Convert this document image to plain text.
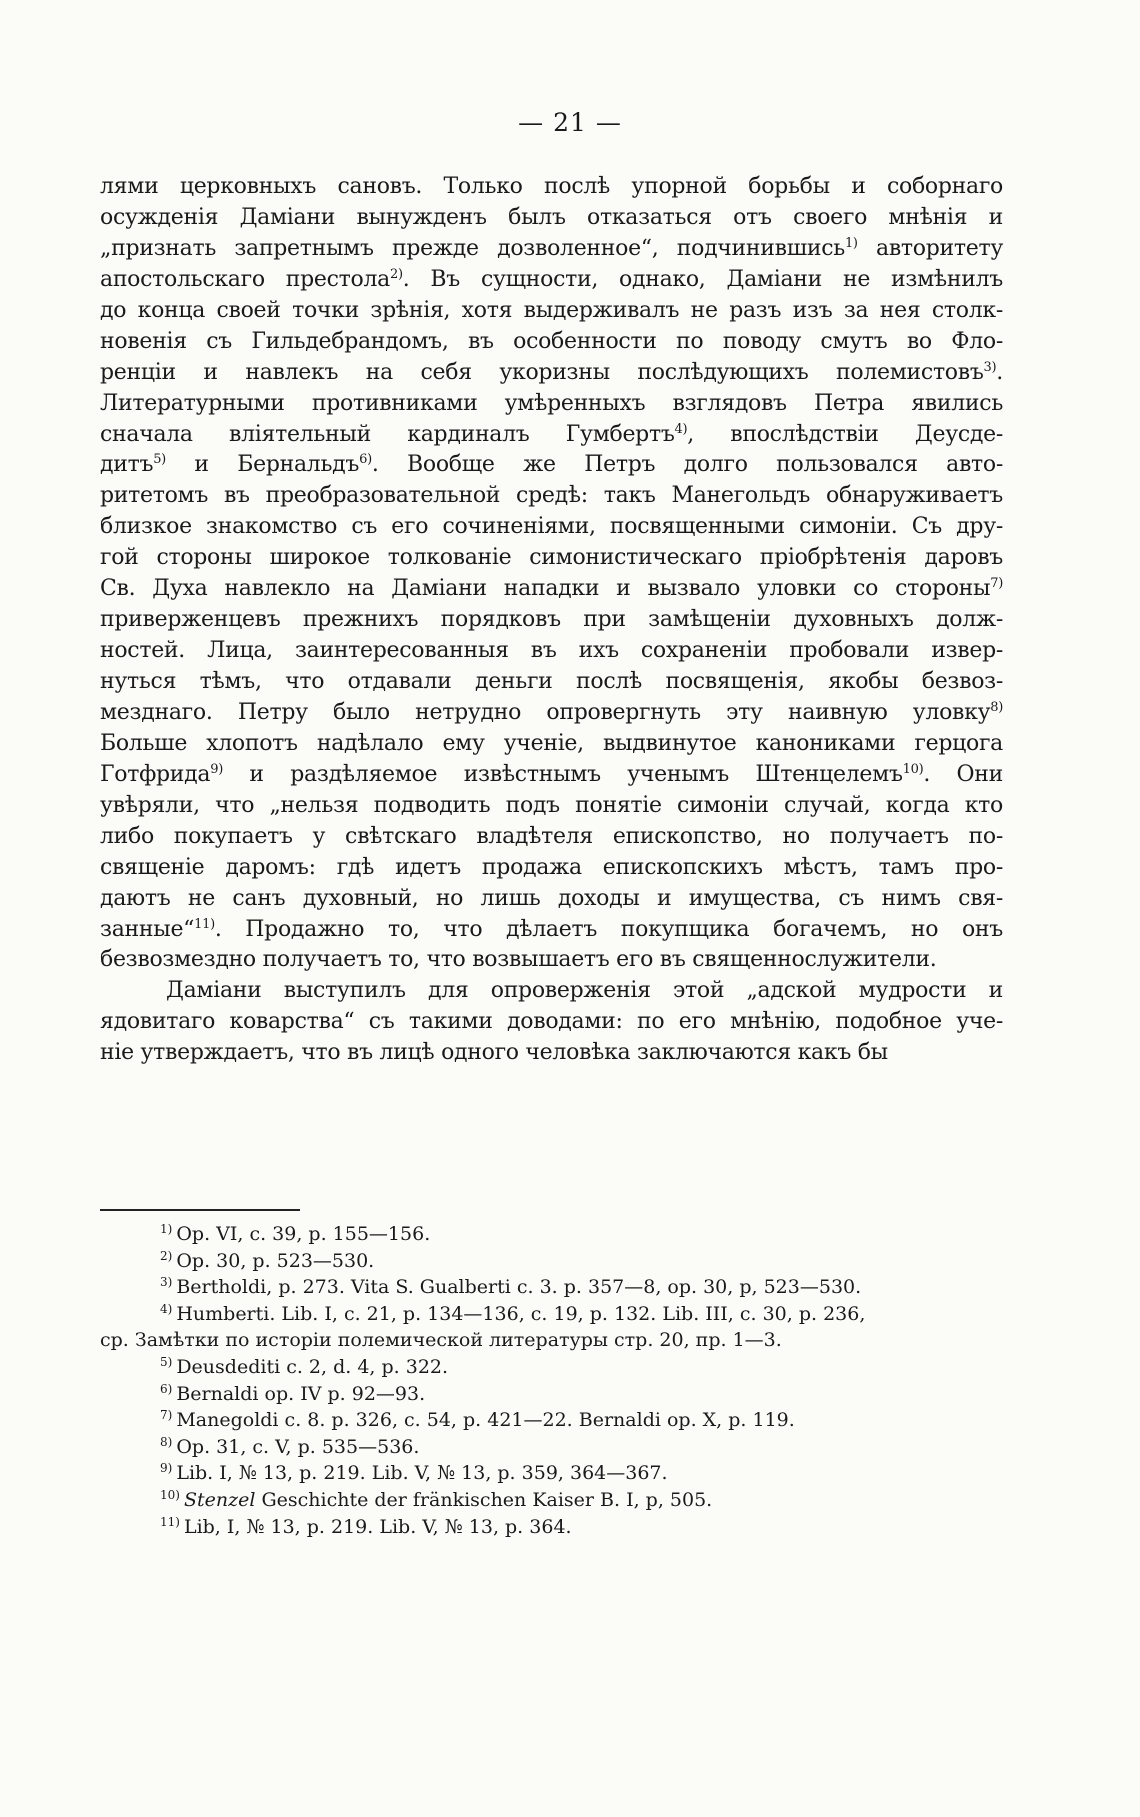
— 21 —
лями церковныхъ сановъ. Только послѣ упорной борьбы и соборнаго
осужденія Даміани вынужденъ былъ отказаться отъ своего мнѣнія и
„признать запретнымъ прежде дозволенное“, подчинившись$^{1)}$ авторитету
апостольскаго престола$^{2)}$. Въ сущности, однако, Даміани не измѣнилъ
до конца своей точки зрѣнія, хотя выдерживалъ не разъ изъ за нея столк-
новенія съ Гильдебрандомъ, въ особенности по поводу смутъ во Фло-
ренціи и навлекъ на себя укоризны послѣдующихъ полемистовъ$^{3)}$.
Литературными противниками умѣренныхъ взглядовъ Петра явились
сначала вліятельный кардиналъ Гумбертъ$^{4)}$, впослѣдствіи Деусде-
дитъ$^{5)}$ и Бернальдъ$^{6)}$. Вообще же Петръ долго пользовался авто-
ритетомъ въ преобразовательной средѣ: такъ Манегольдъ обнаруживаетъ
близкое знакомство съ его сочиненіями, посвященными симоніи. Съ дру-
гой стороны широкое толкованіе симонистическаго пріобрѣтенія даровъ
Св. Духа навлекло на Даміани нападки и вызвало уловки со стороны$^{7)}$
приверженцевъ прежнихъ порядковъ при замѣщеніи духовныхъ долж-
ностей. Лица, заинтересованныя въ ихъ сохраненіи пробовали извер-
нуться тѣмъ, что отдавали деньги послѣ посвященія, якобы безвоз-
мезднаго. Петру было нетрудно опровергнуть эту наивную уловку$^{8)}$
Больше хлопотъ надѣлало ему ученіе, выдвинутое канониками герцога
Готфрида$^{9)}$ и раздѣляемое извѣстнымъ ученымъ Штенцелемъ$^{10)}$. Они
увѣряли, что „нельзя подводить подъ понятіе симоніи случай, когда кто
либо покупаетъ у свѣтскаго владѣтеля епископство, но получаетъ по-
священіе даромъ: гдѣ идетъ продажа епископскихъ мѣстъ, тамъ про-
даютъ не санъ духовный, но лишь доходы и имущества, съ нимъ свя-
занные“$^{11)}$. Продажно то, что дѣлаетъ покупщика богачемъ, но онъ
безвозмездно получаетъ то, что возвышаетъ его въ священнослужители.
Даміани выступилъ для опроверженія этой „адской мудрости и
ядовитаго коварства“ съ такими доводами: по его мнѣнію, подобное уче-
ніе утверждаетъ, что въ лицѣ одного человѣка заключаются какъ бы
$^{1)}$ Op. VI, c. 39, p. 155—156.
$^{2)}$ Op. 30, p. 523—530.
$^{3)}$ Bertholdi, p. 273. Vita S. Gualberti c. 3. p. 357—8, op. 30, p, 523—530.
$^{4)}$ Humberti. Lib. I, c. 21, p. 134—136, c. 19, p. 132. Lib. III, c. 30, p. 236,
ср. Замѣтки по исторіи полемической литературы стр. 20, пр. 1—3.
$^{5)}$ Deusdediti c. 2, d. 4, p. 322.
$^{6)}$ Bernaldi op. IV p. 92—93.
$^{7)}$ Manegoldi c. 8. p. 326, c. 54, p. 421—22. Bernaldi op. X, p. 119.
$^{8)}$ Op. 31, c. V, p. 535—536.
$^{9)}$ Lib. I, № 13, p. 219. Lib. V, № 13, p. 359, 364—367.
$^{10)}$ Stenzel Geschichte der fränkischen Kaiser B. I, p, 505.
$^{11)}$ Lib, I, № 13, p. 219. Lib. V, № 13, p. 364.
